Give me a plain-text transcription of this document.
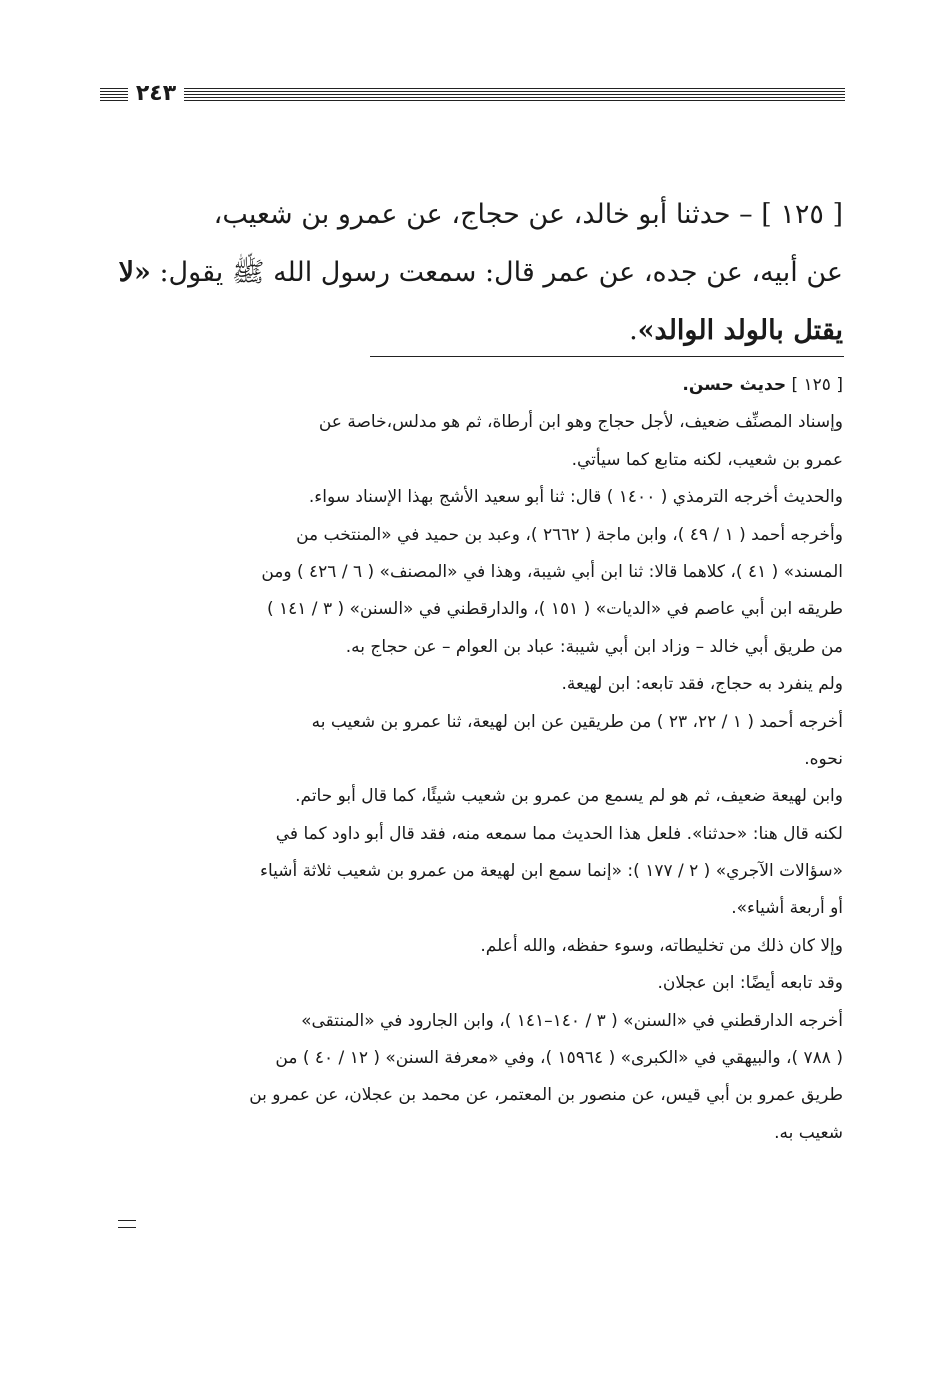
٢٤٣
[ ١٢٥ ] – حدثنا أبو خالد، عن حجاج، عن عمرو بن شعيب،
عن أبيه، عن جده، عن عمر قال: سمعت رسول الله ﷺ يقول: «لا
يقتل بالولد الوالد».
[ ١٢٥ ] حديث حسن.
وإسناد المصنِّف ضعيف، لأجل حجاج وهو ابن أرطاة، ثم هو مدلس،خاصة عن
عمرو بن شعيب، لكنه متابع كما سيأتي.
والحديث أخرجه الترمذي ( ١٤٠٠ ) قال: ثنا أبو سعيد الأشج بهذا الإسناد سواء.
وأخرجه أحمد ( ١ / ٤٩ )، وابن ماجة ( ٢٦٦٢ )، وعبد بن حميد في «المنتخب من
المسند» ( ٤١ )، كلاهما قالا: ثنا ابن أبي شيبة، وهذا في «المصنف» ( ٦ / ٤٢٦ ) ومن
طريقه ابن أبي عاصم في «الديات» ( ١٥١ )، والدارقطني في «السنن» ( ٣ / ١٤١ )
من طريق أبي خالد – وزاد ابن أبي شيبة: عباد بن العوام – عن حجاج به.
ولم ينفرد به حجاج، فقد تابعه: ابن لهيعة.
أخرجه أحمد ( ١ / ٢٢، ٢٣ ) من طريقين عن ابن لهيعة، ثنا عمرو بن شعيب به
نحوه.
وابن لهيعة ضعيف، ثم هو لم يسمع من عمرو بن شعيب شيئًا، كما قال أبو حاتم.
لكنه قال هنا: «حدثنا». فلعل هذا الحديث مما سمعه منه، فقد قال أبو داود كما في
«سؤالات الآجري» ( ٢ / ١٧٧ ): «إنما سمع ابن لهيعة من عمرو بن شعيب ثلاثة أشياء
أو أربعة أشياء».
وإلا كان ذلك من تخليطاته، وسوء حفظه، والله أعلم.
وقد تابعه أيضًا: ابن عجلان.
أخرجه الدارقطني في «السنن» ( ٣ / ١٤٠–١٤١ )، وابن الجارود في «المنتقى»
( ٧٨٨ )، والبيهقي في «الكبرى» ( ١٥٩٦٤ )، وفي «معرفة السنن» ( ١٢ / ٤٠ ) من
طريق عمرو بن أبي قيس، عن منصور بن المعتمر، عن محمد بن عجلان، عن عمرو بن
شعيب به.
